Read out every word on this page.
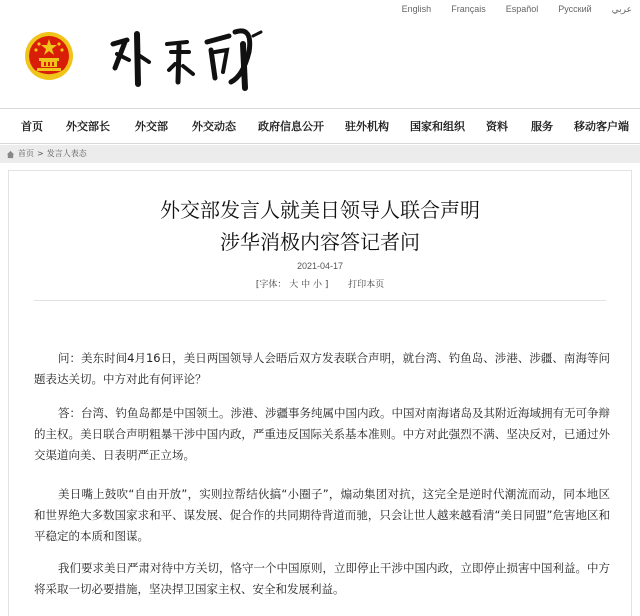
English Français Español Русский عربي
首页 外交部长 外交部 外交动态 政府信息公开 驻外机构 国家和组织 资料 服务 移动客户端
首页 > 发言人表态
外交部发言人就美日领导人联合声明
涉华消极内容答记者问
2021-04-17
[字体： 大 中 小 ] 打印本页

问：美东时间4月16日，美日两国领导人会晤后双方发表联合声明，就台湾、钓鱼岛、涉港、涉疆、南海等问题表达关切。中方对此有何评论？

答：台湾、钓鱼岛都是中国领土。涉港、涉疆事务纯属中国内政。中国对南海诸岛及其附近海域拥有无可争辩的主权。美日联合声明粗暴干涉中国内政，严重违反国际关系基本准则。中方对此强烈不满、坚决反对，已通过外交渠道向美、日表明严正立场。

美日嘴上鼓吹“自由开放”，实则拉帮结伙搞“小圈子”，煽动集团对抗，这完全是逆时代潮流而动，同本地区和世界绝大多数国家求和平、谋发展、促合作的共同期待背道而驰，只会让世人越来越看清“美日同盟”危害地区和平稳定的本质和图谋。

我们要求美日严肃对待中方关切，恪守一个中国原则，立即停止干涉中国内政，立即停止损害中国利益。中方将采取一切必要措施，坚决捍卫国家主权、安全和发展利益。
